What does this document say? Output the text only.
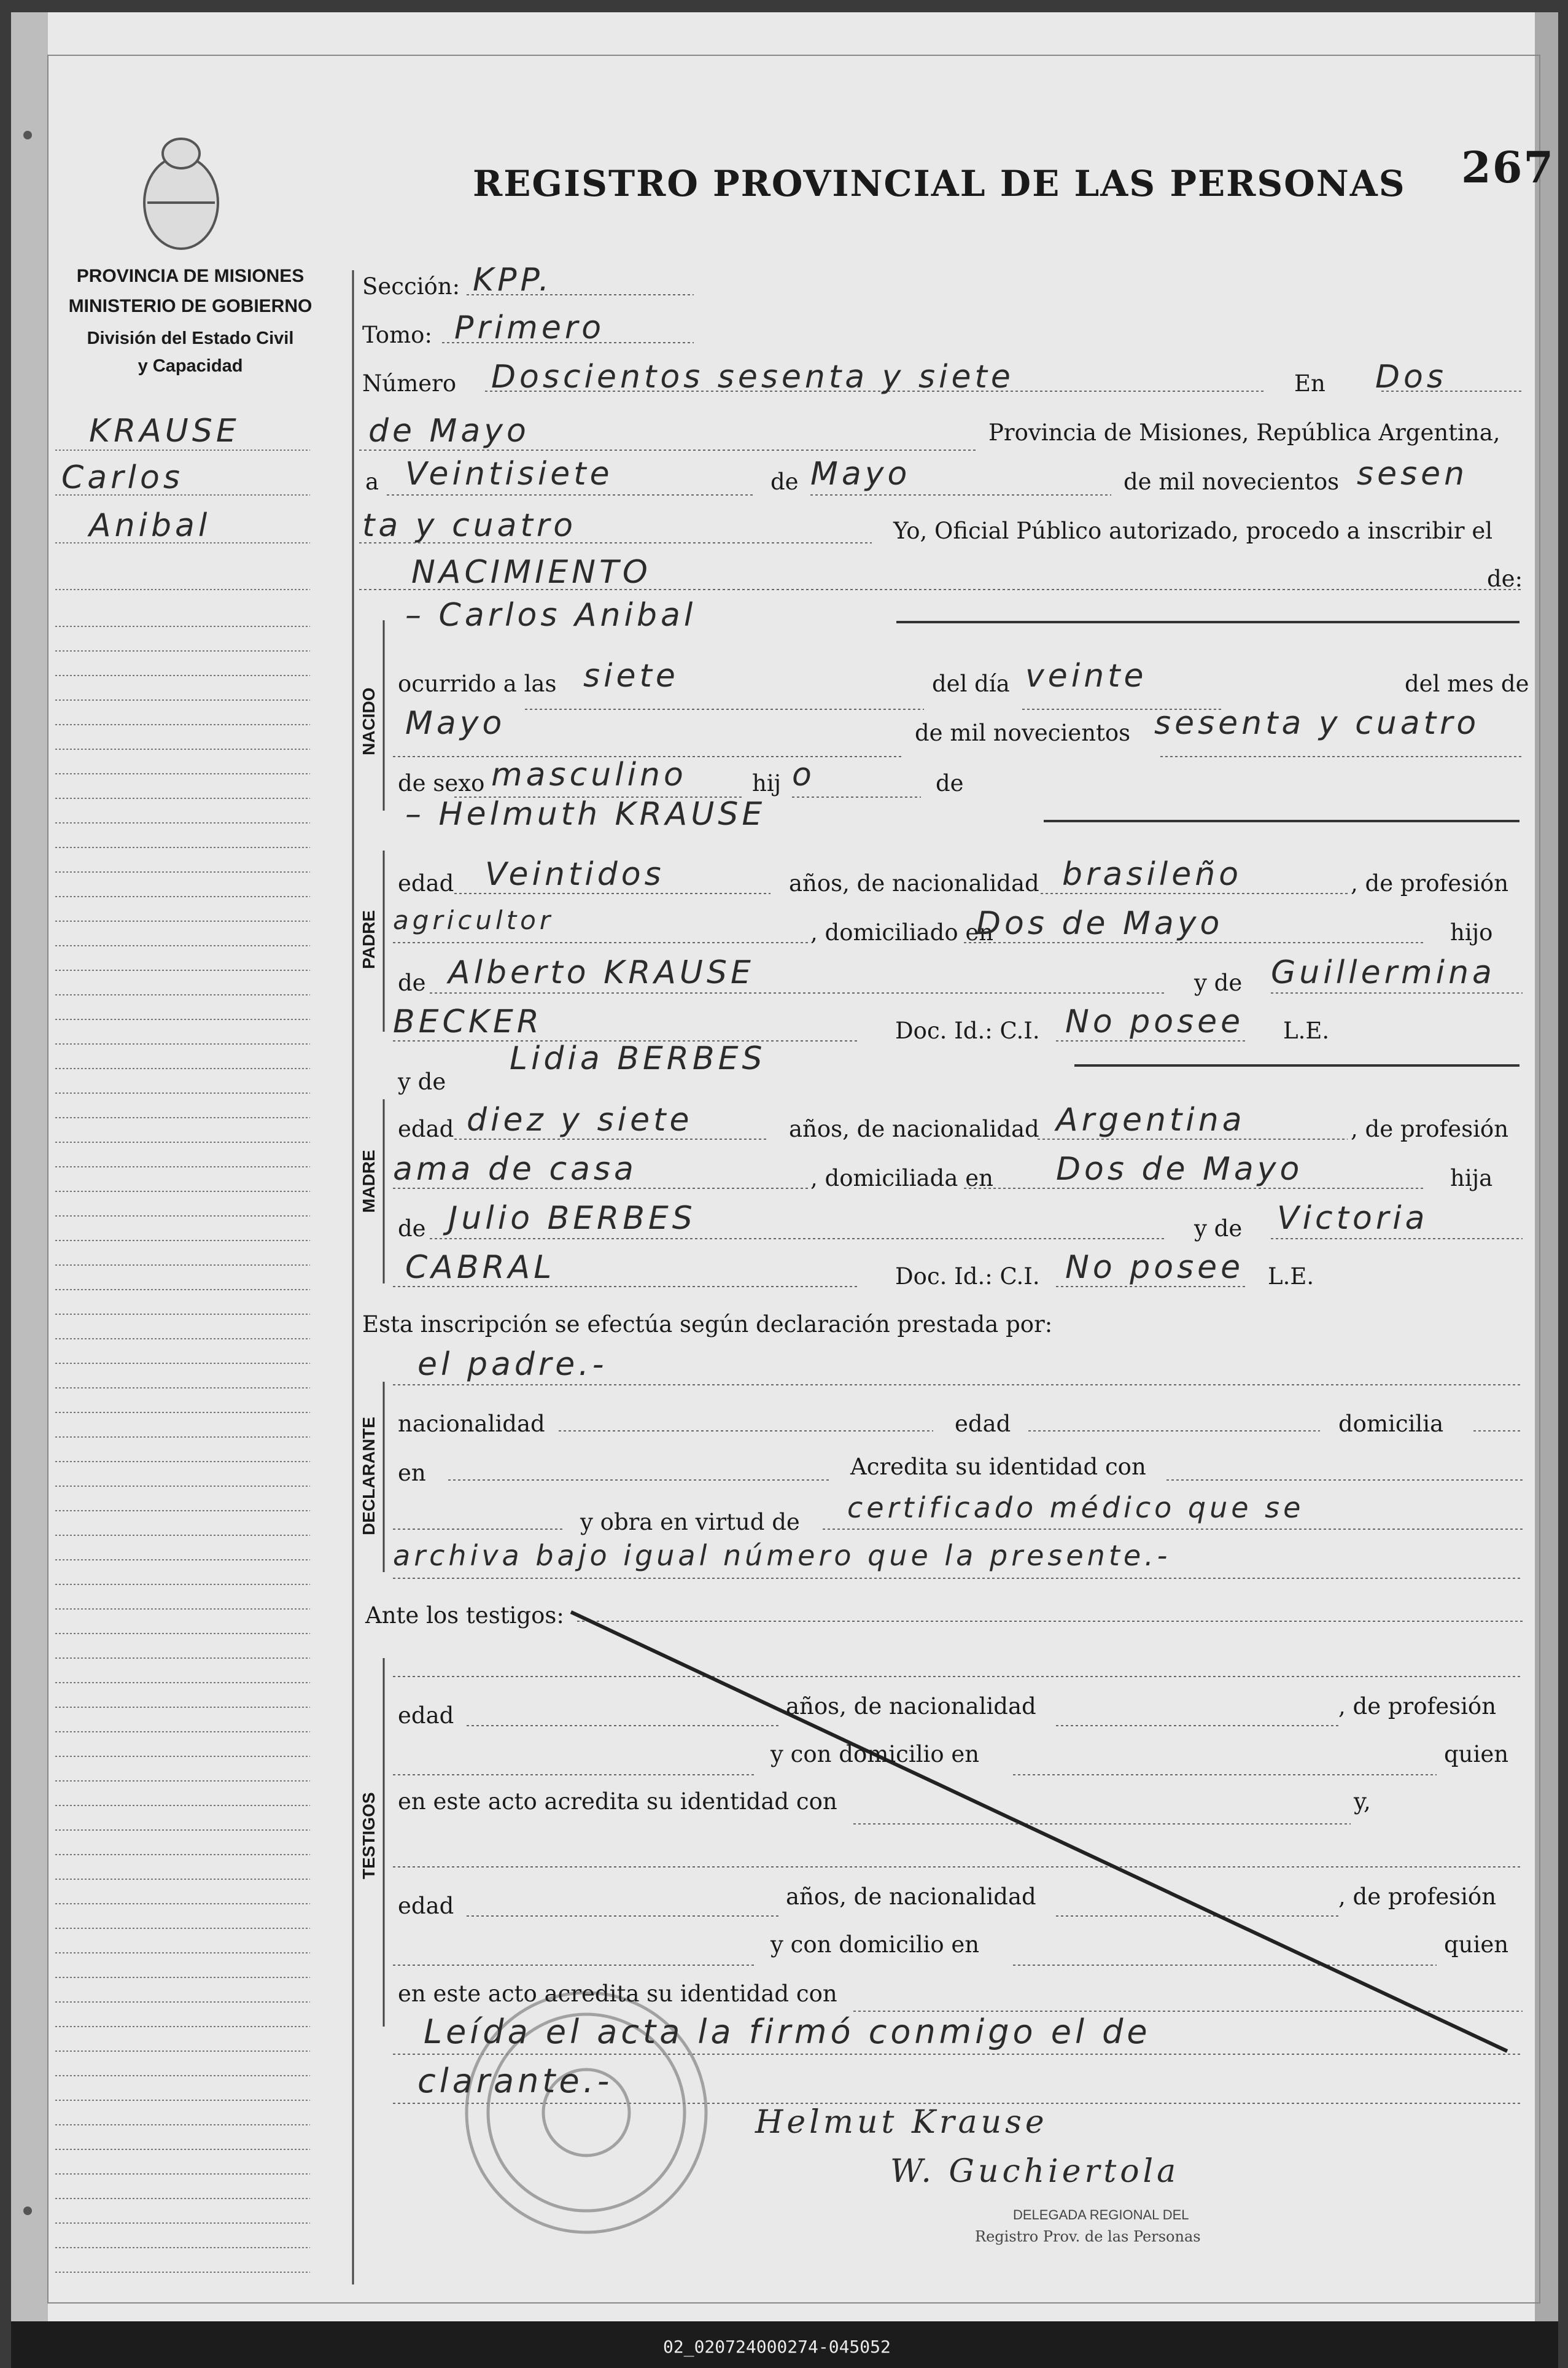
267
REGISTRO PROVINCIAL DE LAS PERSONAS
PROVINCIA DE MISIONES
MINISTERIO DE GOBIERNO
División del Estado Civil
y Capacidad
KRAUSE
Carlos
Anibal
Sección: KPP.
Tomo: Primero
Número Doscientos sesenta y siete	En Dos
de Mayo	Provincia de Misiones, República Argentina,
a Veintisiete	de Mayo	de mil novecientos sesen
ta y cuatro	Yo, Oficial Público autorizado, procedo a inscribir el
NACIMIENTO	de:
NACIDO
– Carlos Anibal
ocurrido a las siete	del día veinte	del mes de
Mayo	de mil novecientos sesenta y cuatro
de sexo masculino	hij o	de
– Helmuth KRAUSE
PADRE
edad Veintidos	años, de nacionalidad brasileño	, de profesión
agricultor	, domiciliado en
Dos de Mayo	hijo
de Alberto KRAUSE	y de Guillermina
BECKER	Doc. Id.: C.I. No posee L.E.
y de
Lidia BERBES
MADRE
edad diez y siete	años, de nacionalidad Argentina	, de profesión
ama de casa	, domiciliada en Dos de Mayo	hija
de Julio BERBES	y de Victoria
CABRAL	Doc. Id.: C.I. No posee L.E.
Esta inscripción se efectúa según declaración prestada por:
el padre.-
DECLARANTE nacionalidad	edad	domicilia
en	Acredita su identidad con
y obra en virtud de certificado médico que se
archiva bajo igual número que la presente.-
Ante los testigos:
TESTIGOS
edad	años, de nacionalidad	, de profesión
y con domicilio en	quien
en este acto acredita su identidad con	y,
edad	años, de nacionalidad	, de profesión
y con domicilio en	quien
en este acto acredita su identidad con
Leída el acta la firmó conmigo el de
clarante.-
Helmut Krause
W. Guchiertola
DELEGADA REGIONAL DEL
Registro Prov. de las Personas
02_020724000274-045052
